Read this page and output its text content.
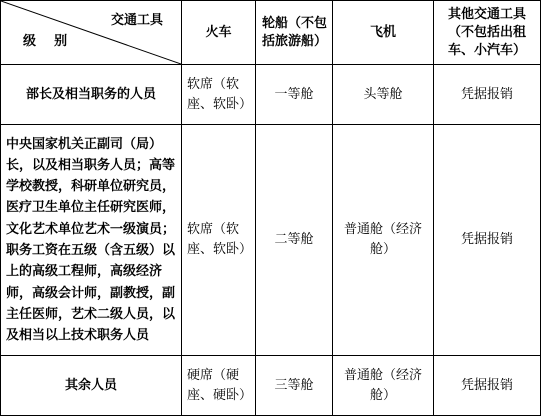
交通工具
级    别	火车	轮船（不包括旅游船）	飞机	其他交通工具（不包括出租车、小汽车）
部长及相当职务的人员	软席（软座、软卧）	一等舱	头等舱	凭据报销
中央国家机关正副司（局）长，以及相当职务人员；高等学校教授，科研单位研究员，医疗卫生单位主任研究医师，文化艺术单位艺术一级演员；职务工资在五级（含五级）以上的高级工程师，高级经济师，高级会计师，副教授，副主任医师，艺术二级人员，以及相当以上技术职务人员	软席（软座、软卧）	二等舱	普通舱（经济舱）	凭据报销
其余人员	硬席（硬座、硬卧）	三等舱	普通舱（经济舱）	凭据报销
